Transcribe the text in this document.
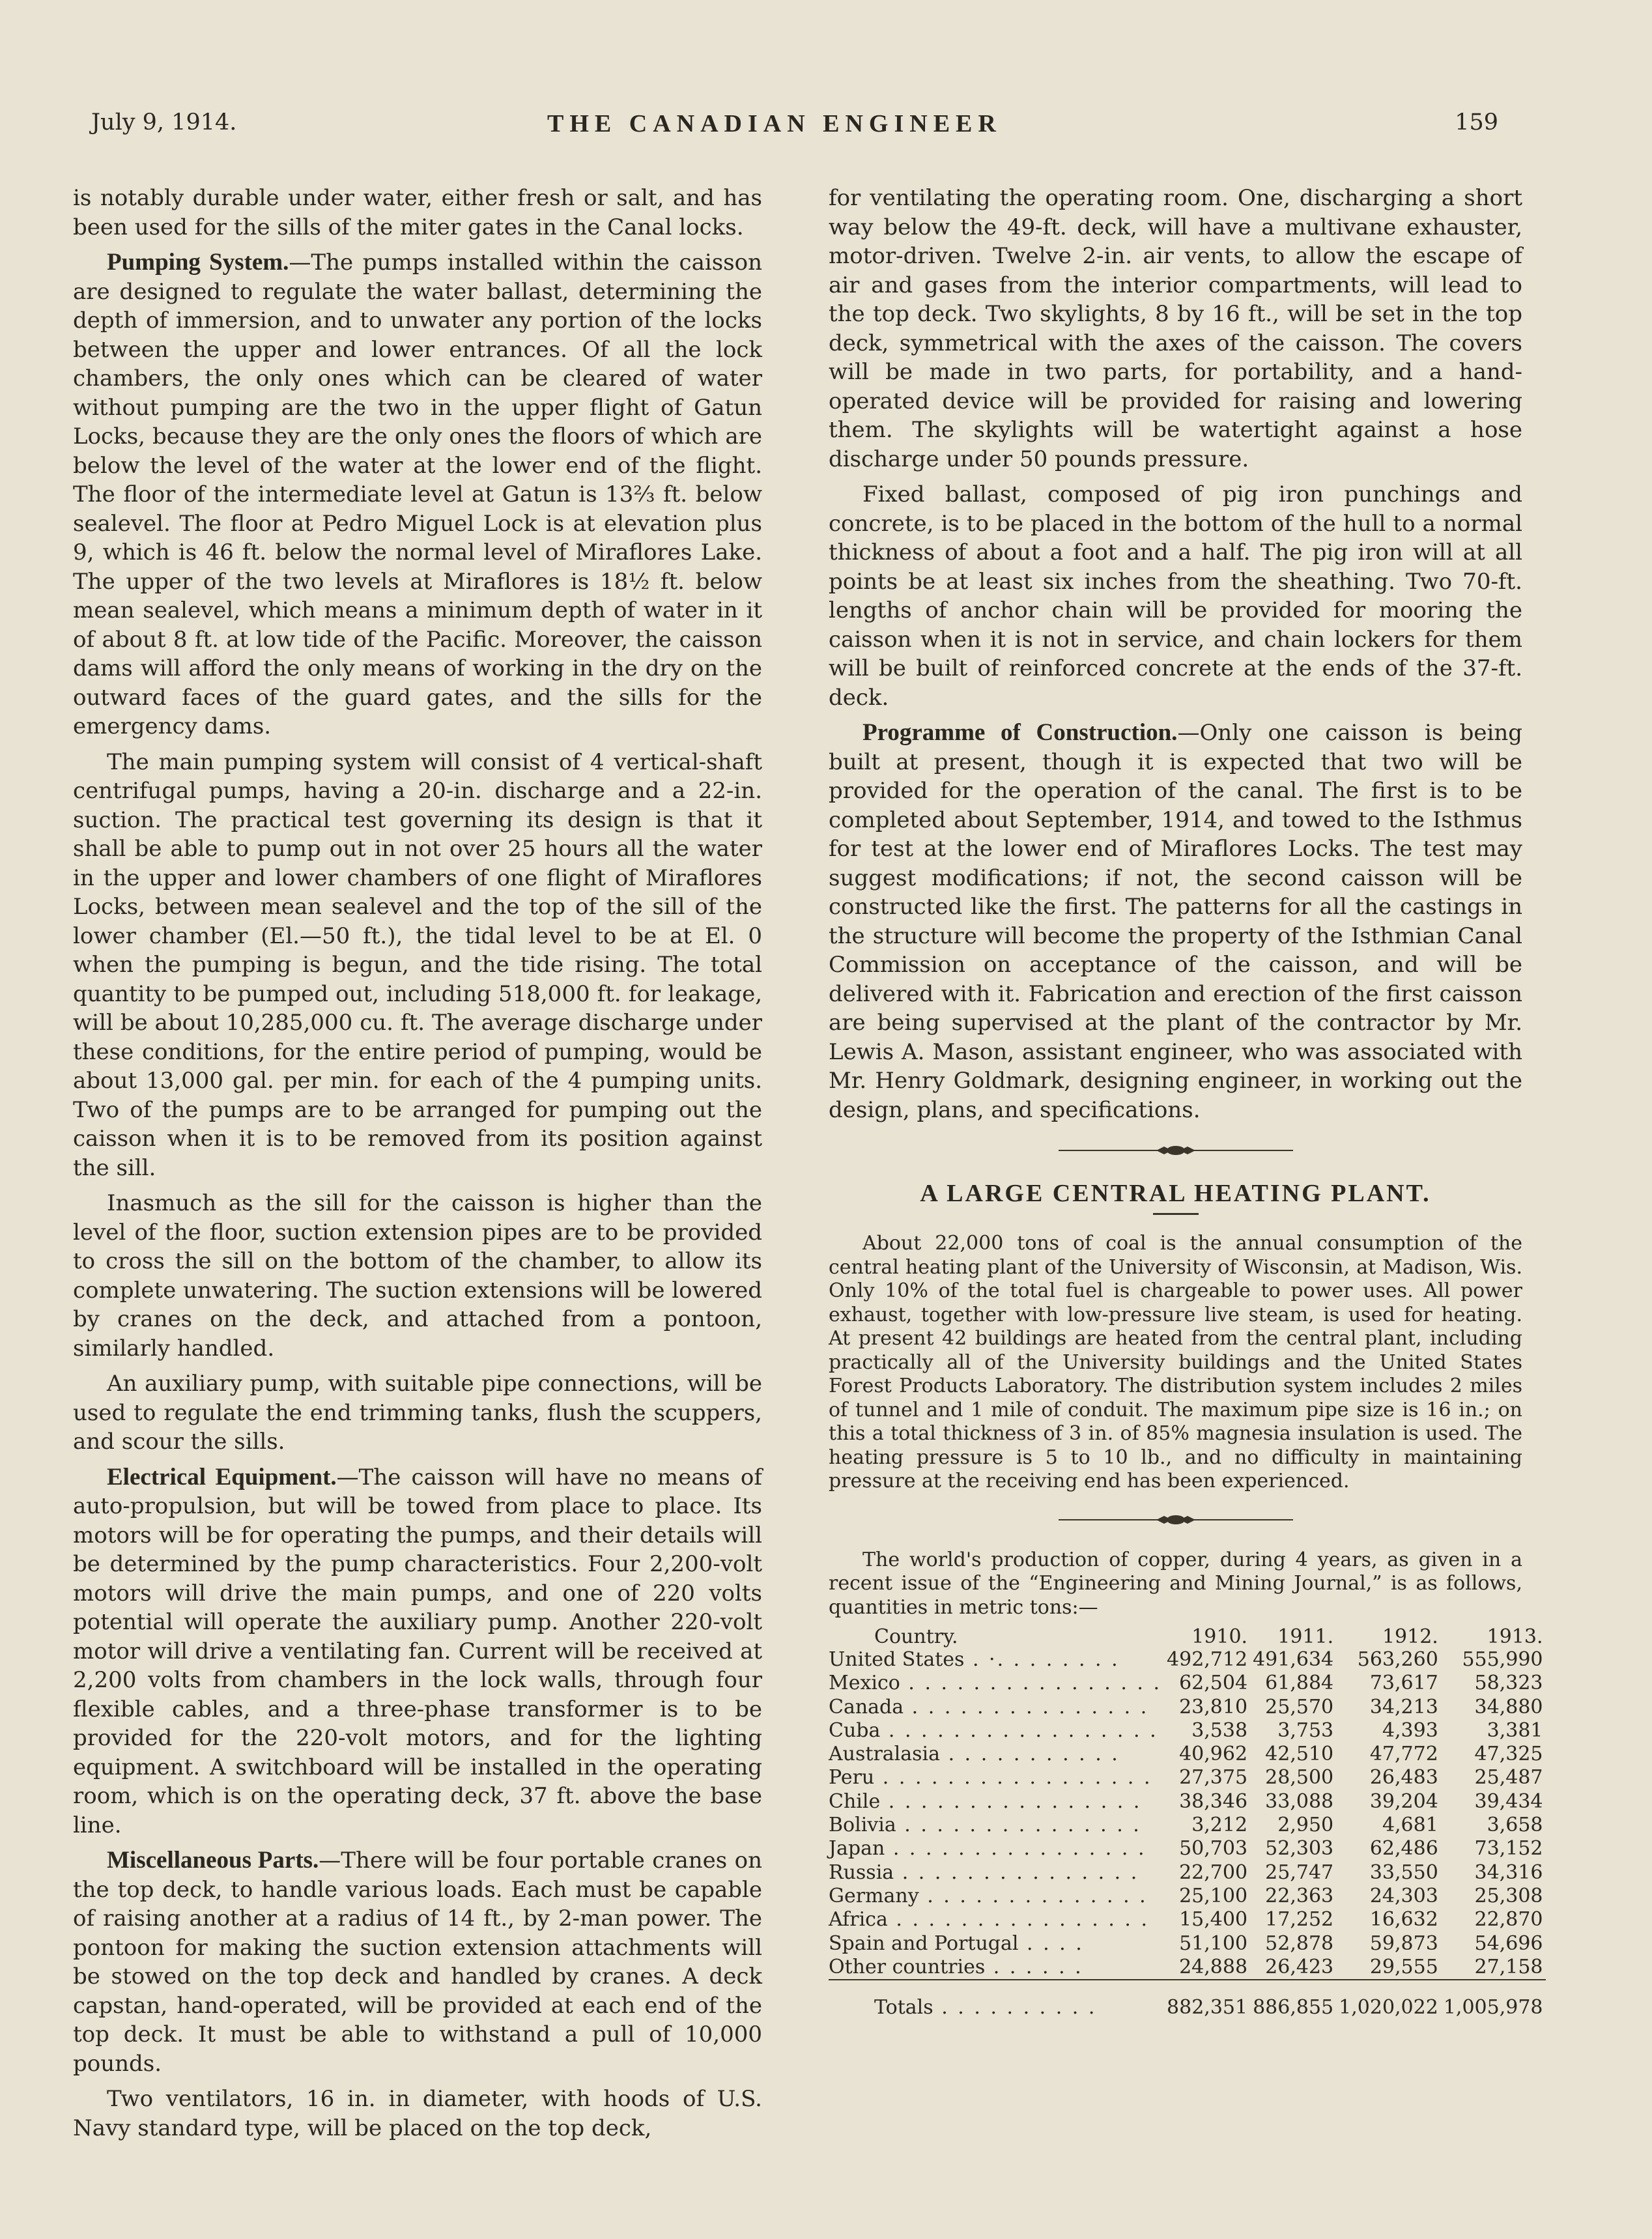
July 9, 1914.	THE CANADIAN ENGINEER	159

is notably durable under water, either fresh or salt, and has been used for the sills of the miter gates in the Canal locks.

Pumping System.—The pumps installed within the caisson are designed to regulate the water ballast, determining the depth of immersion, and to unwater any portion of the locks between the upper and lower entrances. Of all the lock chambers, the only ones which can be cleared of water without pumping are the two in the upper flight of Gatun Locks, because they are the only ones the floors of which are below the level of the water at the lower end of the flight. The floor of the intermediate level at Gatun is 13⅔ ft. below sealevel. The floor at Pedro Miguel Lock is at elevation plus 9, which is 46 ft. below the normal level of Miraflores Lake. The upper of the two levels at Miraflores is 18½ ft. below mean sealevel, which means a minimum depth of water in it of about 8 ft. at low tide of the Pacific. Moreover, the caisson dams will afford the only means of working in the dry on the outward faces of the guard gates, and the sills for the emergency dams.

The main pumping system will consist of 4 vertical-shaft centrifugal pumps, having a 20-in. discharge and a 22-in. suction. The practical test governing its design is that it shall be able to pump out in not over 25 hours all the water in the upper and lower chambers of one flight of Miraflores Locks, between mean sealevel and the top of the sill of the lower chamber (El.—50 ft.), the tidal level to be at El. 0 when the pumping is begun, and the tide rising. The total quantity to be pumped out, including 518,000 ft. for leakage, will be about 10,285,000 cu. ft. The average discharge under these conditions, for the entire period of pumping, would be about 13,000 gal. per min. for each of the 4 pumping units. Two of the pumps are to be arranged for pumping out the caisson when it is to be removed from its position against the sill.

Inasmuch as the sill for the caisson is higher than the level of the floor, suction extension pipes are to be provided to cross the sill on the bottom of the chamber, to allow its complete unwatering. The suction extensions will be lowered by cranes on the deck, and attached from a pontoon, similarly handled.

An auxiliary pump, with suitable pipe connections, will be used to regulate the end trimming tanks, flush the scuppers, and scour the sills.

Electrical Equipment.—The caisson will have no means of auto-propulsion, but will be towed from place to place. Its motors will be for operating the pumps, and their details will be determined by the pump characteristics. Four 2,200-volt motors will drive the main pumps, and one of 220 volts potential will operate the auxiliary pump. Another 220-volt motor will drive a ventilating fan. Current will be received at 2,200 volts from chambers in the lock walls, through four flexible cables, and a three-phase transformer is to be provided for the 220-volt motors, and for the lighting equipment. A switchboard will be installed in the operating room, which is on the operating deck, 37 ft. above the base line.

Miscellaneous Parts.—There will be four portable cranes on the top deck, to handle various loads. Each must be capable of raising another at a radius of 14 ft., by 2-man power. The pontoon for making the suction extension attachments will be stowed on the top deck and handled by cranes. A deck capstan, hand-operated, will be provided at each end of the top deck. It must be able to withstand a pull of 10,000 pounds.

Two ventilators, 16 in. in diameter, with hoods of U.S. Navy standard type, will be placed on the top deck,

for ventilating the operating room. One, discharging a short way below the 49-ft. deck, will have a multivane exhauster, motor-driven. Twelve 2-in. air vents, to allow the escape of air and gases from the interior compartments, will lead to the top deck. Two skylights, 8 by 16 ft., will be set in the top deck, symmetrical with the axes of the caisson. The covers will be made in two parts, for portability, and a hand-operated device will be provided for raising and lowering them. The skylights will be watertight against a hose discharge under 50 pounds pressure.

Fixed ballast, composed of pig iron punchings and concrete, is to be placed in the bottom of the hull to a normal thickness of about a foot and a half. The pig iron will at all points be at least six inches from the sheathing. Two 70-ft. lengths of anchor chain will be provided for mooring the caisson when it is not in service, and chain lockers for them will be built of reinforced concrete at the ends of the 37-ft. deck.

Programme of Construction.—Only one caisson is being built at present, though it is expected that two will be provided for the operation of the canal. The first is to be completed about September, 1914, and towed to the Isthmus for test at the lower end of Miraflores Locks. The test may suggest modifications; if not, the second caisson will be constructed like the first. The patterns for all the castings in the structure will become the property of the Isthmian Canal Commission on acceptance of the caisson, and will be delivered with it. Fabrication and erection of the first caisson are being supervised at the plant of the contractor by Mr. Lewis A. Mason, assistant engineer, who was associated with Mr. Henry Goldmark, designing engineer, in working out the design, plans, and specifications.

A LARGE CENTRAL HEATING PLANT.

About 22,000 tons of coal is the annual consumption of the central heating plant of the University of Wisconsin, at Madison, Wis. Only 10% of the total fuel is chargeable to power uses. All power exhaust, together with low-pressure live steam, is used for heating. At present 42 buildings are heated from the central plant, including practically all of the University buildings and the United States Forest Products Laboratory. The distribution system includes 2 miles of tunnel and 1 mile of conduit. The maximum pipe size is 16 in.; on this a total thickness of 3 in. of 85% magnesia insulation is used. The heating pressure is 5 to 10 lb., and no difficulty in maintaining pressure at the receiving end has been experienced.

The world's production of copper, during 4 years, as given in a recent issue of the “Engineering and Mining Journal,” is as follows, quantities in metric tons:—

Country.	1910.	1911.	1912.	1913.
United States . ·. . . . . . . .	492,712	491,634	563,260	555,990
Mexico . . . . . . . . . . . . . . . .	62,504	61,884	73,617	58,323
Canada . . . . . . . . . . . . . . .	23,810	25,570	34,213	34,880
Cuba . . . . . . . . . . . . . . . . .	3,538	3,753	4,393	3,381
Australasia . . . . . . . . . . .	40,962	42,510	47,772	47,325
Peru . . . . . . . . . . . . . . . . .	27,375	28,500	26,483	25,487
Chile . . . . . . . . . . . . . . . .	38,346	33,088	39,204	39,434
Bolivia . . . . . . . . . . . . . . .	3,212	2,950	4,681	3,658
Japan . . . . . . . . . . . . . . . .	50,703	52,303	62,486	73,152
Russia . . . . . . . . . . . . . . .	22,700	25,747	33,550	34,316
Germany . . . . . . . . . . . . . .	25,100	22,363	24,303	25,308
Africa . . . . . . . . . . . . . . . .	15,400	17,252	16,632	22,870
Spain and Portugal . . . .	51,100	52,878	59,873	54,696
Other countries . . . . . .	24,888	26,423	29,555	27,158

Totals . . . . . . . . . .	882,351	886,855	1,020,022	1,005,978
